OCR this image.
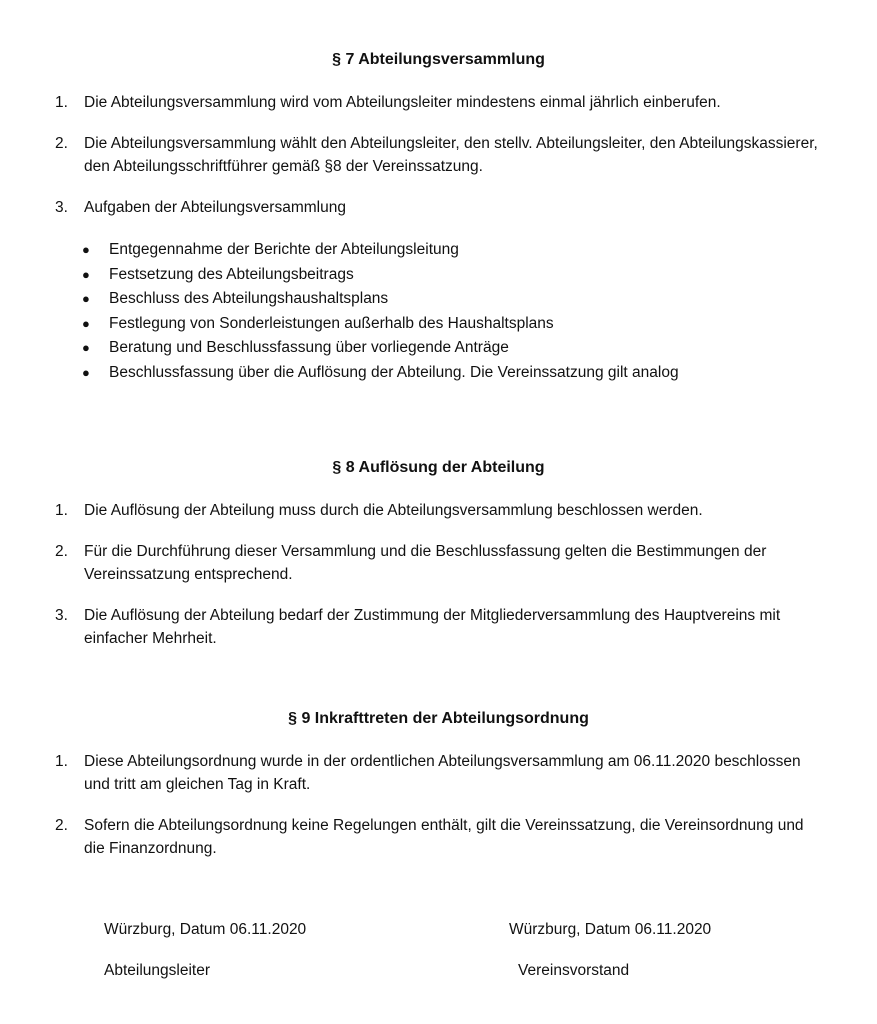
§ 7 Abteilungsversammlung
1. Die Abteilungsversammlung wird vom Abteilungsleiter mindestens einmal jährlich einberufen.
2. Die Abteilungsversammlung wählt den Abteilungsleiter, den stellv. Abteilungsleiter, den Abteilungskassierer, den Abteilungsschriftführer gemäß §8 der Vereinssatzung.
3. Aufgaben der Abteilungsversammlung
● Entgegennahme der Berichte der Abteilungsleitung
● Festsetzung des Abteilungsbeitrags
● Beschluss des Abteilungshaushaltsplans
● Festlegung von Sonderleistungen außerhalb des Haushaltsplans
● Beratung und Beschlussfassung über vorliegende Anträge
● Beschlussfassung über die Auflösung der Abteilung. Die Vereinssatzung gilt analog
§ 8 Auflösung der Abteilung
1. Die Auflösung der Abteilung muss durch die Abteilungsversammlung beschlossen werden.
2. Für die Durchführung dieser Versammlung und die Beschlussfassung gelten die Bestimmungen der Vereinssatzung entsprechend.
3. Die Auflösung der Abteilung bedarf der Zustimmung der Mitgliederversammlung des Hauptvereins mit einfacher Mehrheit.
§ 9 Inkrafttreten der Abteilungsordnung
1. Diese Abteilungsordnung wurde in der ordentlichen Abteilungsversammlung am 06.11.2020 beschlossen und tritt am gleichen Tag in Kraft.
2. Sofern die Abteilungsordnung keine Regelungen enthält, gilt die Vereinssatzung, die Vereinsordnung und die Finanzordnung.
Würzburg, Datum 06.11.2020
Abteilungsleiter
Würzburg, Datum 06.11.2020
Vereinsvorstand
